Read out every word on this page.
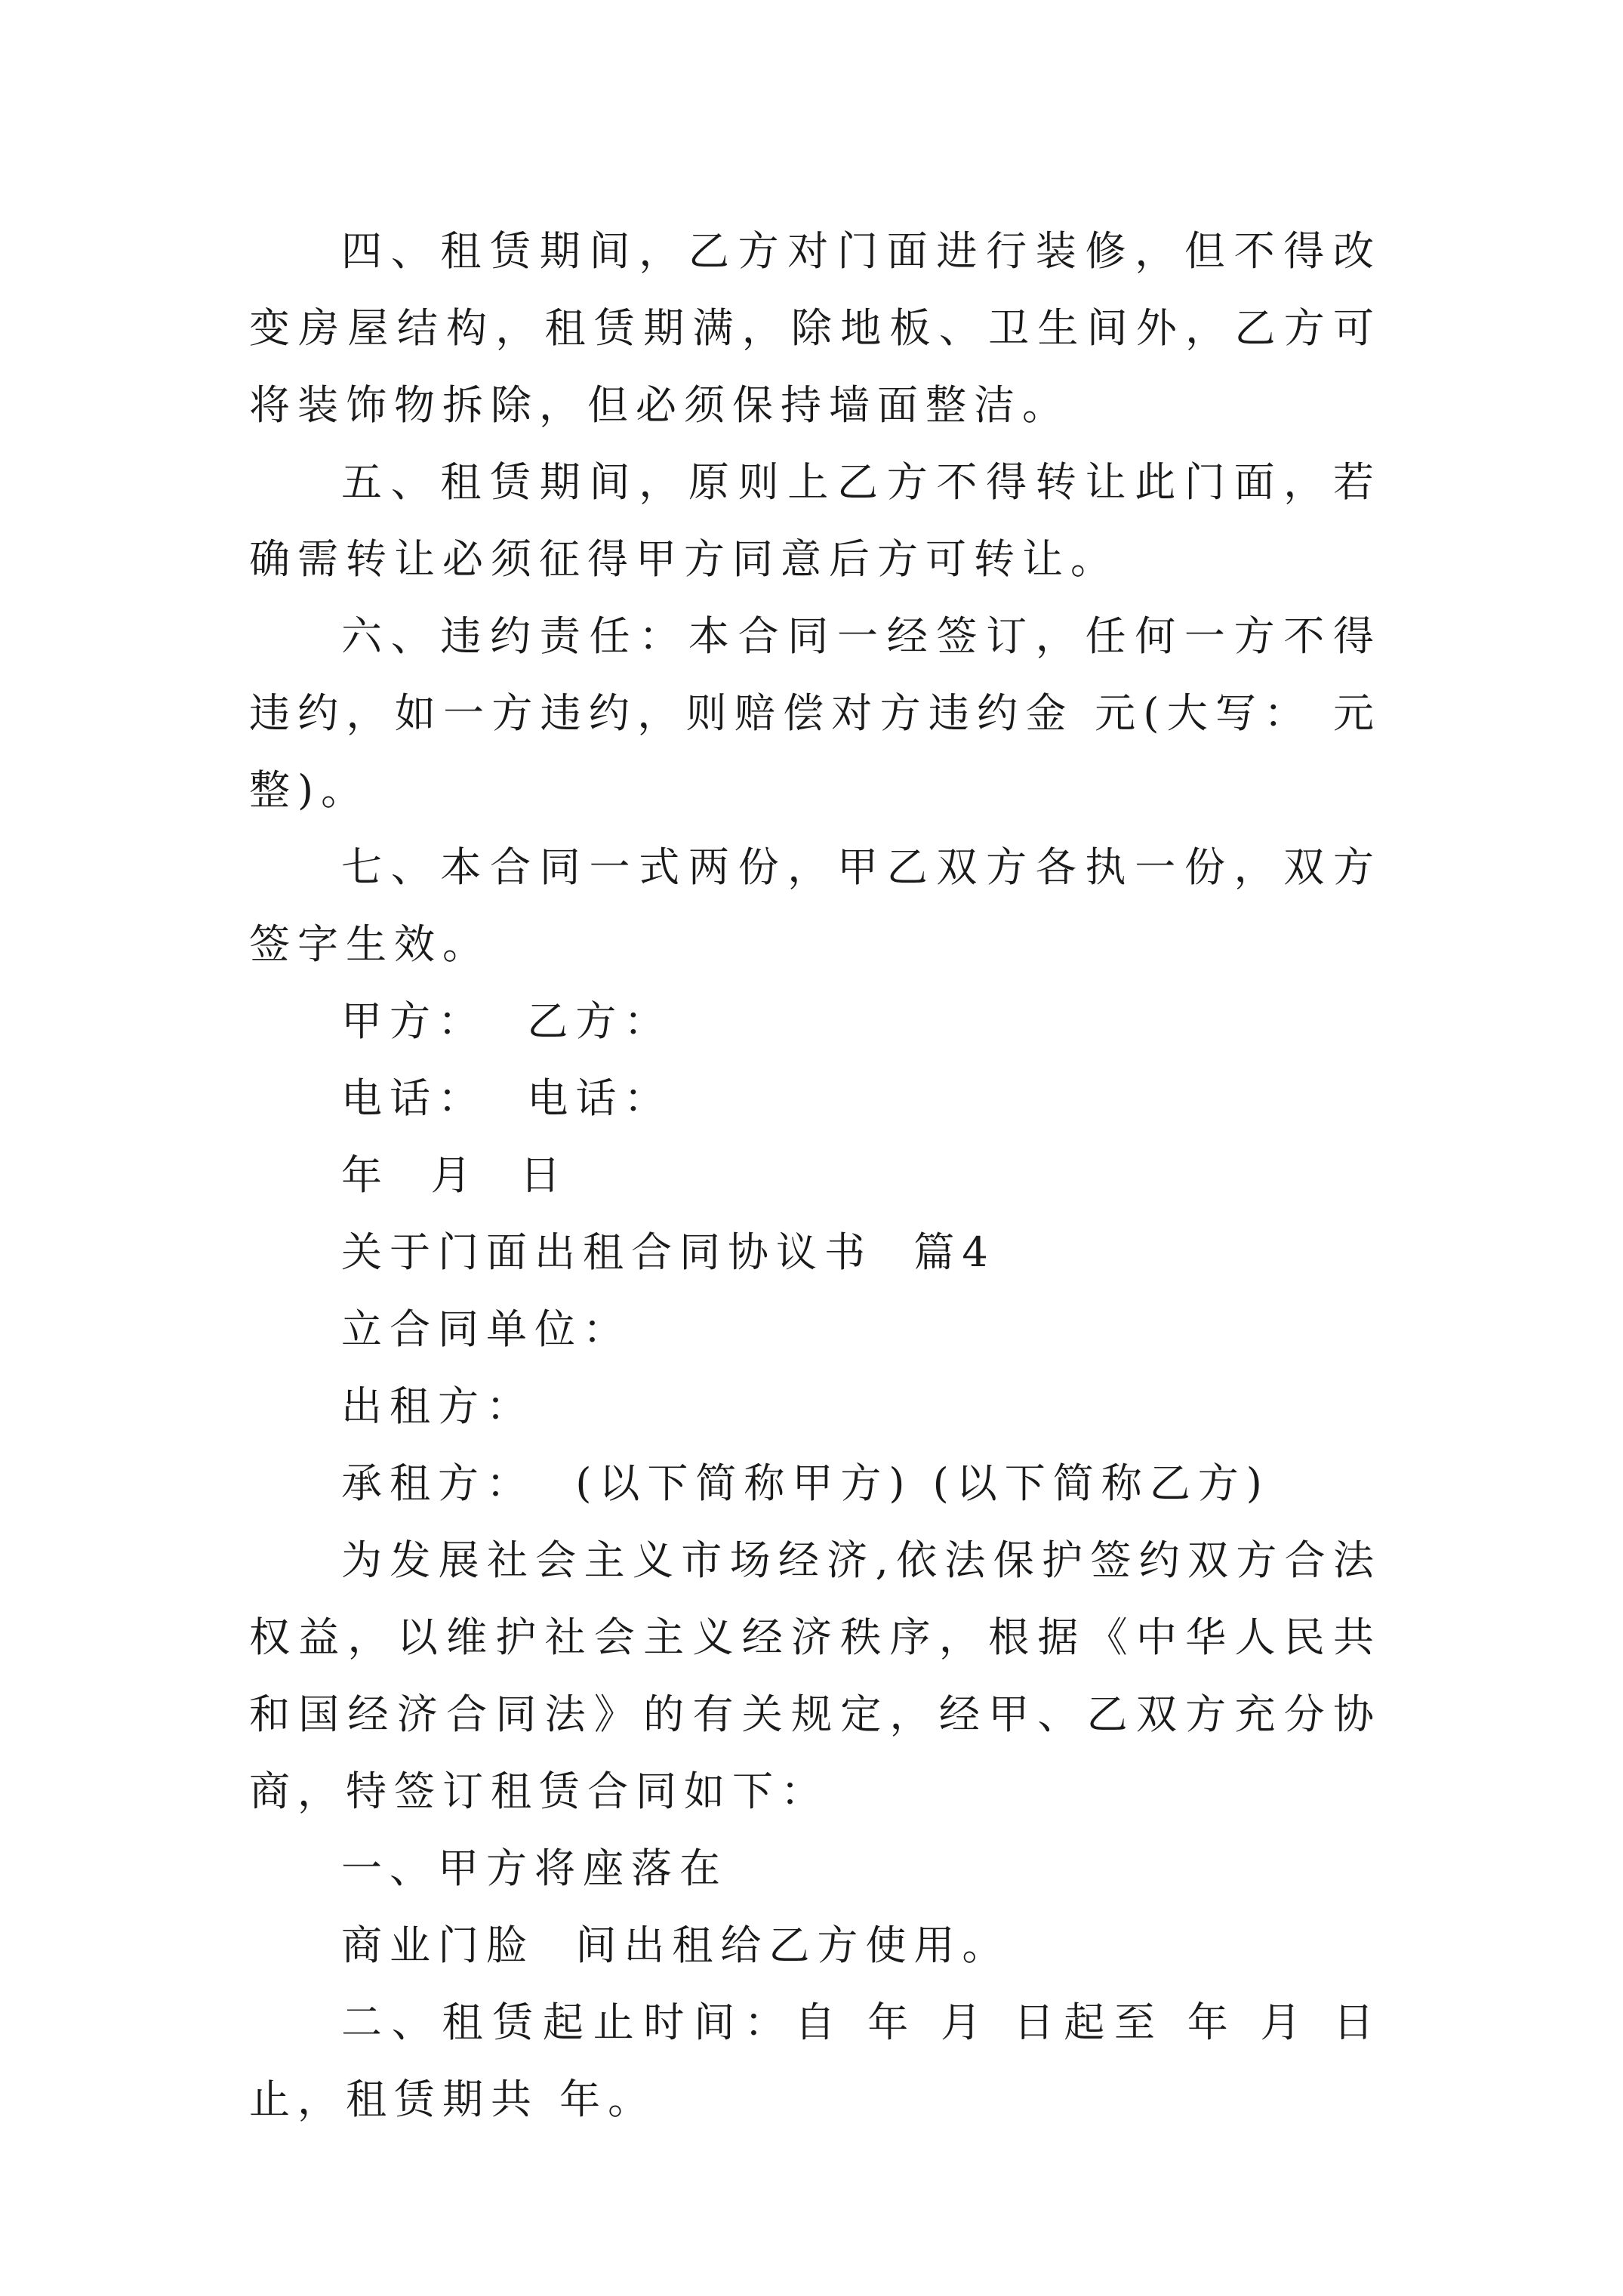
四、租赁期间，乙方对门面进行装修，但不得改变房屋结构，租赁期满，除地板、卫生间外，乙方可将装饰物拆除，但必须保持墙面整洁。

五、租赁期间，原则上乙方不得转让此门面，若确需转让必须征得甲方同意后方可转让。

六、违约责任：本合同一经签订，任何一方不得违约，如一方违约，则赔偿对方违约金 元(大写： 元整)。

七、本合同一式两份，甲乙双方各执一份，双方签字生效。

甲方：  乙方：

电话：  电话：

年  月  日

关于门面出租合同协议书  篇4

立合同单位：

出租方：

承租方：  (以下简称甲方) (以下简称乙方)

为发展社会主义市场经济,依法保护签约双方合法权益，以维护社会主义经济秩序，根据《中华人民共和国经济合同法》的有关规定，经甲、乙双方充分协商，特签订租赁合同如下：

一、甲方将座落在

商业门脸  间出租给乙方使用。

二、租赁起止时间：自 年 月 日起至 年 月 日止，租赁期共 年。
